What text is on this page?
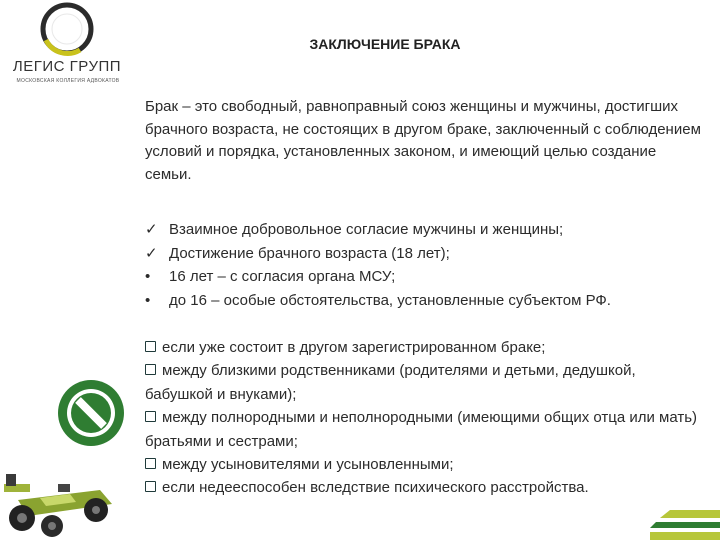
ЛЕГИС ГРУПП
МОСКОВСКАЯ КОЛЛЕГИЯ АДВОКАТОВ
ЗАКЛЮЧЕНИЕ БРАКА
Брак – это свободный, равноправный союз женщины и мужчины, достигших брачного возраста, не состоящих в другом браке, заключенный с соблюдением условий и порядка, установленных законом, и имеющий целью создание семьи.
✓ Взаимное добровольное согласие мужчины и женщины;
✓ Достижение брачного возраста (18 лет);
•	16 лет – с согласия органа МСУ;
•	до 16 – особые обстоятельства, установленные субъектом РФ.
если уже состоит в другом зарегистрированном браке;
между близкими родственниками (родителями и детьми, дедушкой, бабушкой и внуками);
между полнородными и неполнородными (имеющими общих отца или мать) братьями и сестрами;
между усыновителями и усыновленными;
если недееспособен вследствие психического расстройства.
